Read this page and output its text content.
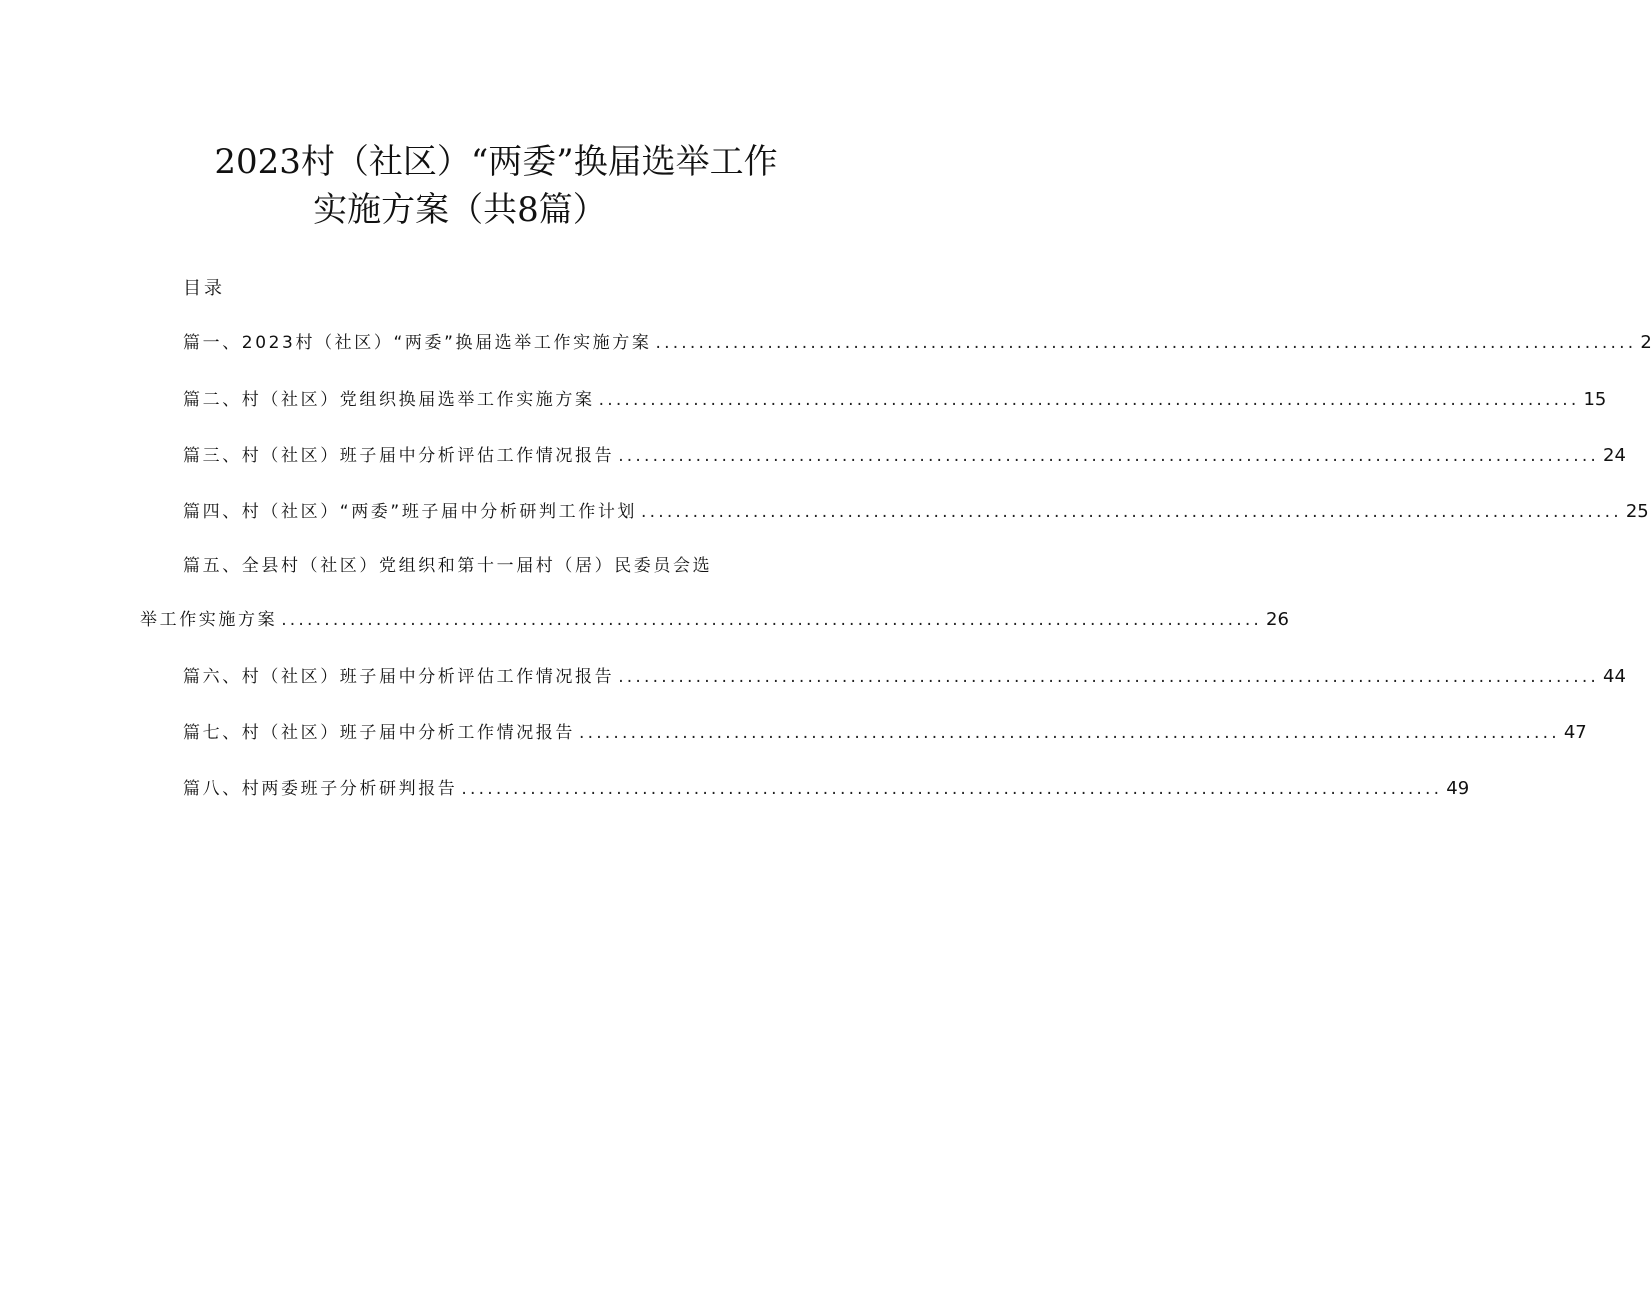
2023村（社区）“两委”换届选举工作
实施方案（共8篇）
目录
篇一、2023村（社区）“两委”换届选举工作实施方案 .................................................................................................................. 2
篇二、村（社区）党组织换届选举工作实施方案 .................................................................................................................. 15
篇三、村（社区）班子届中分析评估工作情况报告 .................................................................................................................. 24
篇四、村（社区）“两委”班子届中分析研判工作计划 .................................................................................................................. 25
篇五、全县村（社区）党组织和第十一届村（居）民委员会选
举工作实施方案 .................................................................................................................. 26
篇六、村（社区）班子届中分析评估工作情况报告 .................................................................................................................. 44
篇七、村（社区）班子届中分析工作情况报告 .................................................................................................................. 47
篇八、村两委班子分析研判报告 .................................................................................................................. 49
